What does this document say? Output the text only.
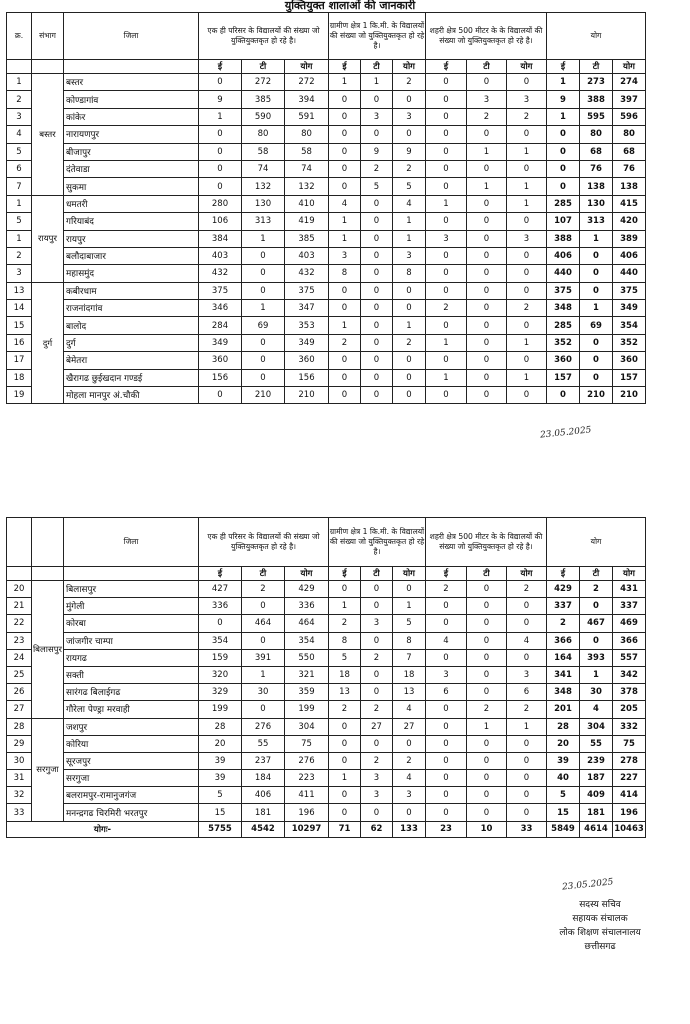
युक्तियुक्त शालाओं की जानकारी
क्र.	संभाग	जिला	एक ही परिसर के विद्यालयों की संख्या जो युक्तियुक्तकृत हो रहे है।			ग्रामीण क्षेत्र 1 कि.मी. के विद्यालयों की संख्या जो युक्तियुक्तकृत हो रहे है।			शहरी क्षेत्र 500 मीटर के के विद्यालयों की संख्या जो युक्तियुक्तकृत हो रहे है।			योग		
			ई	टी	योग	ई	टी	योग	ई	टी	योग	ई	टी	योग
1	बस्तर	बस्तर	0	272	272	1	1	2	0	0	0	1	273	274
2		कोण्डागांव	9	385	394	0	0	0	0	3	3	9	388	397
3		कांकेर	1	590	591	0	3	3	0	2	2	1	595	596
4		नारायणपुर	0	80	80	0	0	0	0	0	0	0	80	80
5		बीजापुर	0	58	58	0	9	9	0	1	1	0	68	68
6		दंतेवाडा	0	74	74	0	2	2	0	0	0	0	76	76
7		सुकमा	0	132	132	0	5	5	0	1	1	0	138	138
1	रायपुर	धमतरी	280	130	410	4	0	4	1	0	1	285	130	415
5		गरियाबंद	106	313	419	1	0	1	0	0	0	107	313	420
1		रायपुर	384	1	385	1	0	1	3	0	3	388	1	389
2		बलौदाबाजार	403	0	403	3	0	3	0	0	0	406	0	406
3		महासमुंद	432	0	432	8	0	8	0	0	0	440	0	440
13	दुर्ग	कबीरधाम	375	0	375	0	0	0	0	0	0	375	0	375
14		राजनांदगांव	346	1	347	0	0	0	2	0	2	348	1	349
15		बालोद	284	69	353	1	0	1	0	0	0	285	69	354
16		दुर्ग	349	0	349	2	0	2	1	0	1	352	0	352
17		बेमेतरा	360	0	360	0	0	0	0	0	0	360	0	360
18		खैरागढ छुईखदान गण्डई	156	0	156	0	0	0	1	0	1	157	0	157
19		मोहला मानपुर अं.चौकी	0	210	210	0	0	0	0	0	0	0	210	210
23.05.2025
		जिला	एक ही परिसर के विद्यालयों की संख्या जो युक्तियुक्तकृत हो रहे है।			ग्रामीण क्षेत्र 1 कि.मी. के विद्यालयों की संख्या जो युक्तियुक्तकृत हो रहे है।			शहरी क्षेत्र 500 मीटर के के विद्यालयों की संख्या जो युक्तियुक्तकृत हो रहे है।			योग		
			ई	टी	योग	ई	टी	योग	ई	टी	योग	ई	टी	योग
20	बिलासपुर	बिलासपुर	427	2	429	0	0	0	2	0	2	429	2	431
21		मुंगेली	336	0	336	1	0	1	0	0	0	337	0	337
22		कोरबा	0	464	464	2	3	5	0	0	0	2	467	469
23		जांजगीर चाम्पा	354	0	354	8	0	8	4	0	4	366	0	366
24		रायगढ	159	391	550	5	2	7	0	0	0	164	393	557
25		सक्ती	320	1	321	18	0	18	3	0	3	341	1	342
26		सारंगढ बिलाईगढ	329	30	359	13	0	13	6	0	6	348	30	378
27		गौरेला पेण्ड्रा मरवाही	199	0	199	2	2	4	0	2	2	201	4	205
28	सरगुजा	जशपुर	28	276	304	0	27	27	0	1	1	28	304	332
29		कोरिया	20	55	75	0	0	0	0	0	0	20	55	75
30		सूरजपुर	39	237	276	0	2	2	0	0	0	39	239	278
31		सरगुजा	39	184	223	1	3	4	0	0	0	40	187	227
32		बलरामपुर-रामानुजगंज	5	406	411	0	3	3	0	0	0	5	409	414
33		मनन्द्रगढ चिरमिरी भरतपुर	15	181	196	0	0	0	0	0	0	15	181	196
योगः-			5755	4542	10297	71	62	133	23	10	33	5849	4614	10463
23.05.2025
सदस्य सचिव
सहायक संचालक
लोक शिक्षण संचालनालय
छत्तीसगढ
